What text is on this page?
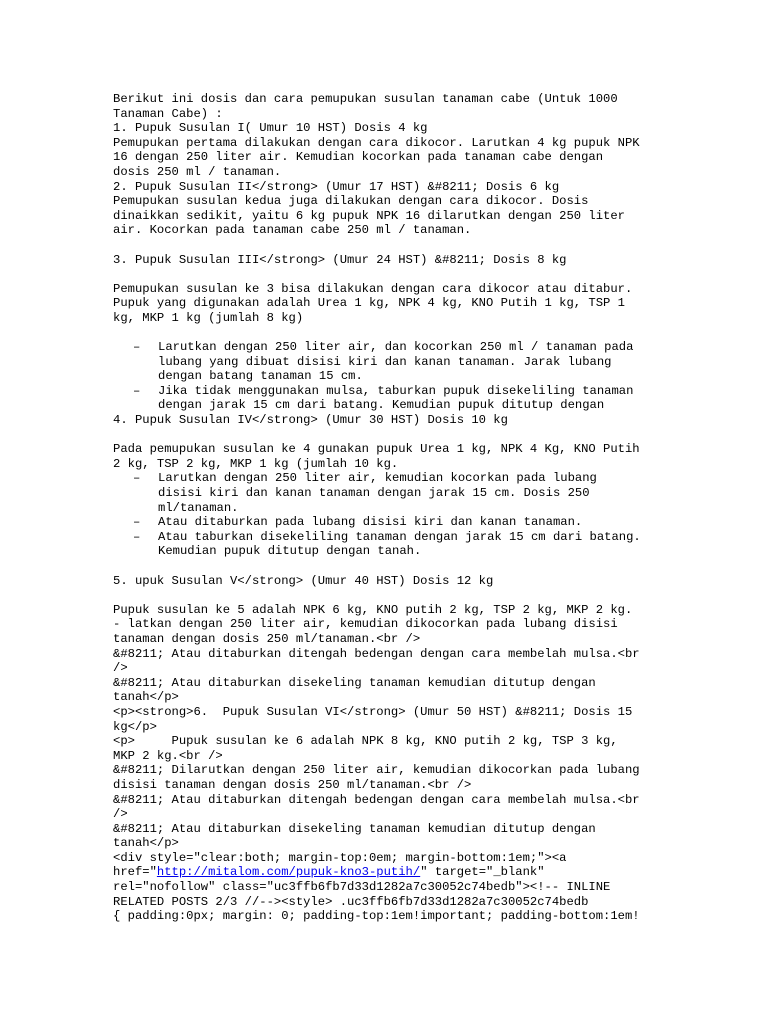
Berikut ini dosis dan cara pemupukan susulan tanaman cabe (Untuk 1000
Tanaman Cabe) :
1. Pupuk Susulan I( Umur 10 HST) Dosis 4 kg
Pemupukan pertama dilakukan dengan cara dikocor. Larutkan 4 kg pupuk NPK
16 dengan 250 liter air. Kemudian kocorkan pada tanaman cabe dengan
dosis 250 ml / tanaman.
2. Pupuk Susulan II</strong> (Umur 17 HST) &#8211; Dosis 6 kg
Pemupukan susulan kedua juga dilakukan dengan cara dikocor. Dosis
dinaikkan sedikit, yaitu 6 kg pupuk NPK 16 dilarutkan dengan 250 liter
air. Kocorkan pada tanaman cabe 250 ml / tanaman.
3. Pupuk Susulan III</strong> (Umur 24 HST) &#8211; Dosis 8 kg
Pemupukan susulan ke 3 bisa dilakukan dengan cara dikocor atau ditabur.
Pupuk yang digunakan adalah Urea 1 kg, NPK 4 kg, KNO Putih 1 kg, TSP 1
kg, MKP 1 kg (jumlah 8 kg)
– Larutkan dengan 250 liter air, dan kocorkan 250 ml / tanaman pada
lubang yang dibuat disisi kiri dan kanan tanaman. Jarak lubang
dengan batang tanaman 15 cm.
– Jika tidak menggunakan mulsa, taburkan pupuk disekeliling tanaman
dengan jarak 15 cm dari batang. Kemudian pupuk ditutup dengan
4. Pupuk Susulan IV</strong> (Umur 30 HST) Dosis 10 kg
Pada pemupukan susulan ke 4 gunakan pupuk Urea 1 kg, NPK 4 Kg, KNO Putih
2 kg, TSP 2 kg, MKP 1 kg (jumlah 10 kg.
– Larutkan dengan 250 liter air, kemudian kocorkan pada lubang
disisi kiri dan kanan tanaman dengan jarak 15 cm. Dosis 250
ml/tanaman.
– Atau ditaburkan pada lubang disisi kiri dan kanan tanaman.
– Atau taburkan disekeliling tanaman dengan jarak 15 cm dari batang.
Kemudian pupuk ditutup dengan tanah.
5. upuk Susulan V</strong> (Umur 40 HST) Dosis 12 kg
Pupuk susulan ke 5 adalah NPK 6 kg, KNO putih 2 kg, TSP 2 kg, MKP 2 kg.
- latkan dengan 250 liter air, kemudian dikocorkan pada lubang disisi
tanaman dengan dosis 250 ml/tanaman.<br />
&#8211; Atau ditaburkan ditengah bedengan dengan cara membelah mulsa.<br
/>
&#8211; Atau ditaburkan disekeling tanaman kemudian ditutup dengan
tanah</p>
<p><strong>6.  Pupuk Susulan VI</strong> (Umur 50 HST) &#8211; Dosis 15
kg</p>
<p>     Pupuk susulan ke 6 adalah NPK 8 kg, KNO putih 2 kg, TSP 3 kg,
MKP 2 kg.<br />
&#8211; Dilarutkan dengan 250 liter air, kemudian dikocorkan pada lubang
disisi tanaman dengan dosis 250 ml/tanaman.<br />
&#8211; Atau ditaburkan ditengah bedengan dengan cara membelah mulsa.<br
/>
&#8211; Atau ditaburkan disekeling tanaman kemudian ditutup dengan
tanah</p>
<div style="clear:both; margin-top:0em; margin-bottom:1em;"><a
href="http://mitalom.com/pupuk-kno3-putih/" target="_blank"
rel="nofollow" class="uc3ffb6fb7d33d1282a7c30052c74bedb"><!-- INLINE
RELATED POSTS 2/3 //--><style> .uc3ffb6fb7d33d1282a7c30052c74bedb
{ padding:0px; margin: 0; padding-top:1em!important; padding-bottom:1em!
